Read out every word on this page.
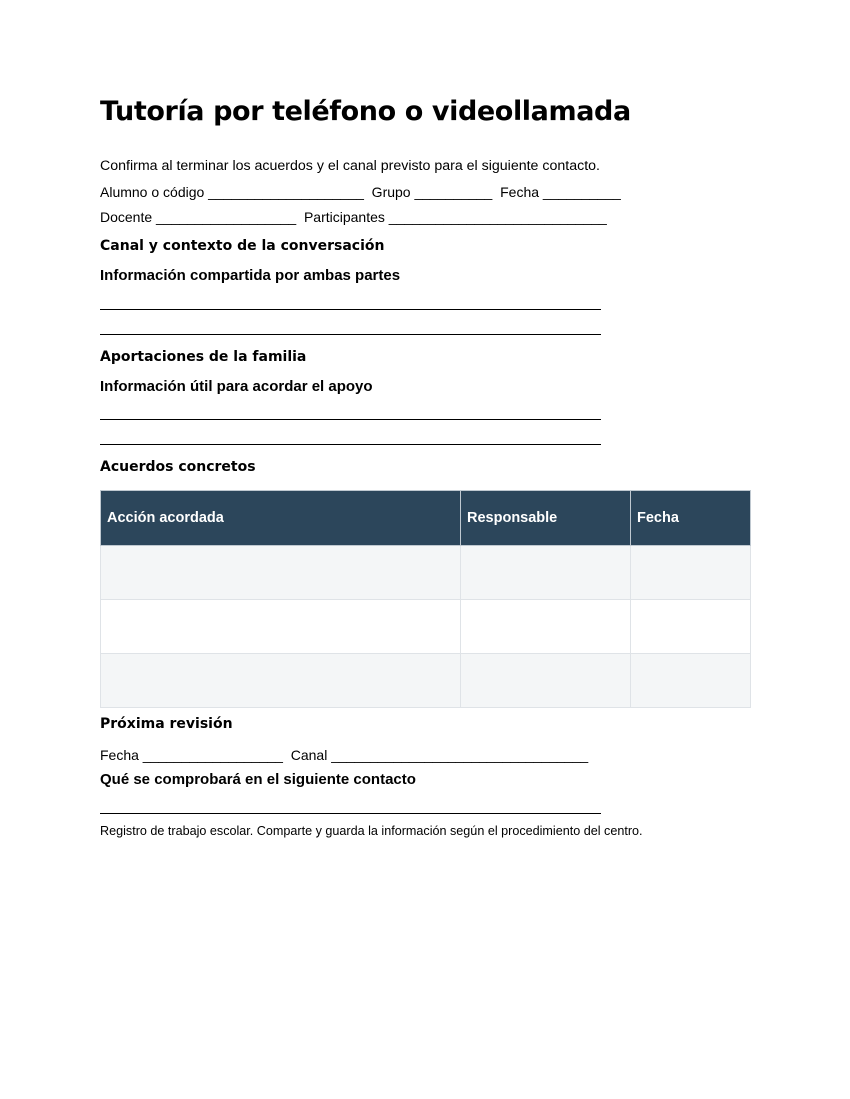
Tutoría por teléfono o videollamada
Confirma al terminar los acuerdos y el canal previsto para el siguiente contacto.
Alumno o código ____________________  Grupo __________  Fecha __________
Docente __________________  Participantes ____________________________
Canal y contexto de la conversación
Información compartida por ambas partes
Aportaciones de la familia
Información útil para acordar el apoyo
Acuerdos concretos
Acción acordada	Responsable	Fecha

Próxima revisión
Fecha __________________  Canal _________________________________
Qué se comprobará en el siguiente contacto
Registro de trabajo escolar. Comparte y guarda la información según el procedimiento del centro.
